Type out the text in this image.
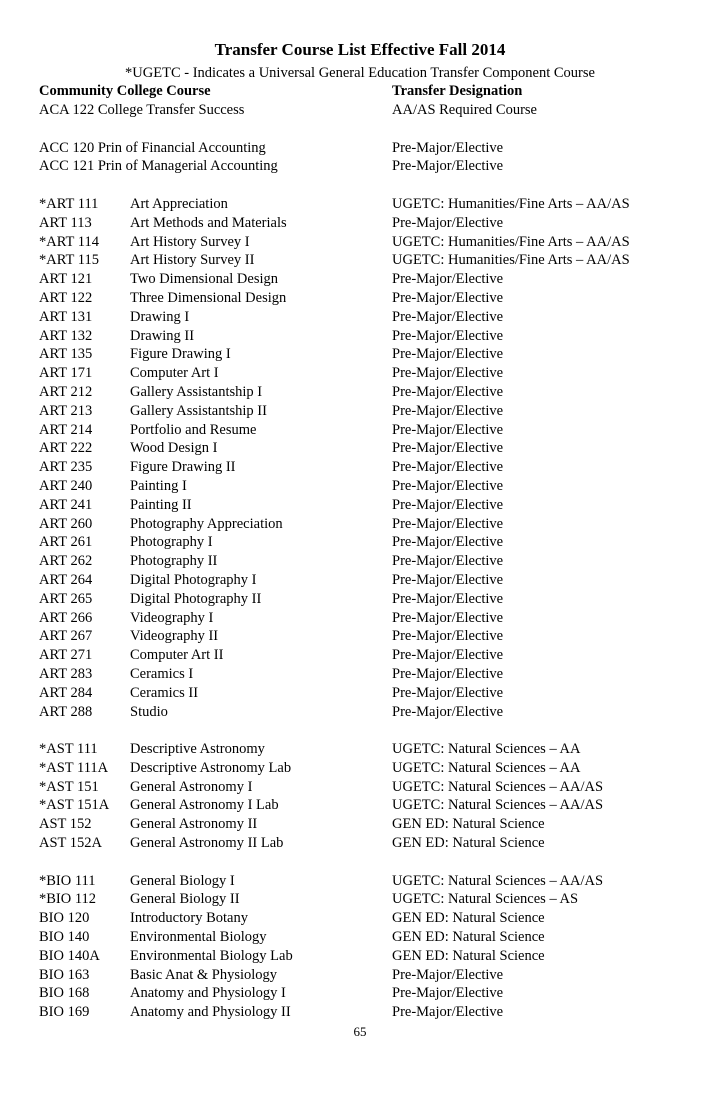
Transfer Course List Effective Fall 2014
*UGETC - Indicates a Universal General Education Transfer Component Course
Community College Course	Transfer Designation
ACA 122 College Transfer Success	AA/AS Required Course
ACC 120 Prin of Financial Accounting	Pre-Major/Elective
ACC 121 Prin of Managerial Accounting	Pre-Major/Elective
*ART 111 Art Appreciation	UGETC: Humanities/Fine Arts – AA/AS
ART 113	Art Methods and Materials	Pre-Major/Elective
*ART 114 Art History Survey I	UGETC: Humanities/Fine Arts – AA/AS
*ART 115 Art History Survey II	UGETC: Humanities/Fine Arts – AA/AS
ART 121	Two Dimensional Design	Pre-Major/Elective
ART 122	Three Dimensional Design	Pre-Major/Elective
ART 131	Drawing I	Pre-Major/Elective
ART 132	Drawing II	Pre-Major/Elective
ART 135	Figure Drawing I	Pre-Major/Elective
ART 171	Computer Art I	Pre-Major/Elective
ART 212	Gallery Assistantship I	Pre-Major/Elective
ART 213	Gallery Assistantship II	Pre-Major/Elective
ART 214	Portfolio and Resume	Pre-Major/Elective
ART 222	Wood Design I	Pre-Major/Elective
ART 235	Figure Drawing II	Pre-Major/Elective
ART 240	Painting I	Pre-Major/Elective
ART 241	Painting II	Pre-Major/Elective
ART 260	Photography Appreciation	Pre-Major/Elective
ART 261	Photography I	Pre-Major/Elective
ART 262	Photography II	Pre-Major/Elective
ART 264	Digital Photography I	Pre-Major/Elective
ART 265	Digital Photography II	Pre-Major/Elective
ART 266	Videography I	Pre-Major/Elective
ART 267	Videography II	Pre-Major/Elective
ART 271	Computer Art II	Pre-Major/Elective
ART 283	Ceramics I	Pre-Major/Elective
ART 284	Ceramics II	Pre-Major/Elective
ART 288	Studio	Pre-Major/Elective
*AST 111 Descriptive Astronomy	UGETC: Natural Sciences – AA
*AST 111A Descriptive Astronomy Lab	UGETC: Natural Sciences – AA
*AST 151 General Astronomy I	UGETC: Natural Sciences – AA/AS
*AST 151A General Astronomy I Lab	UGETC: Natural Sciences – AA/AS
AST 152	General Astronomy II	GEN ED: Natural Science
AST 152A General Astronomy II Lab	GEN ED: Natural Science
*BIO 111 General Biology I	UGETC: Natural Sciences – AA/AS
*BIO 112 General Biology II	UGETC: Natural Sciences – AS
BIO 120	Introductory Botany	GEN ED: Natural Science
BIO 140	Environmental Biology	GEN ED: Natural Science
BIO 140A Environmental Biology Lab	GEN ED: Natural Science
BIO 163	Basic Anat & Physiology	Pre-Major/Elective
BIO 168	Anatomy and Physiology I	Pre-Major/Elective
BIO 169	Anatomy and Physiology II	Pre-Major/Elective
65
